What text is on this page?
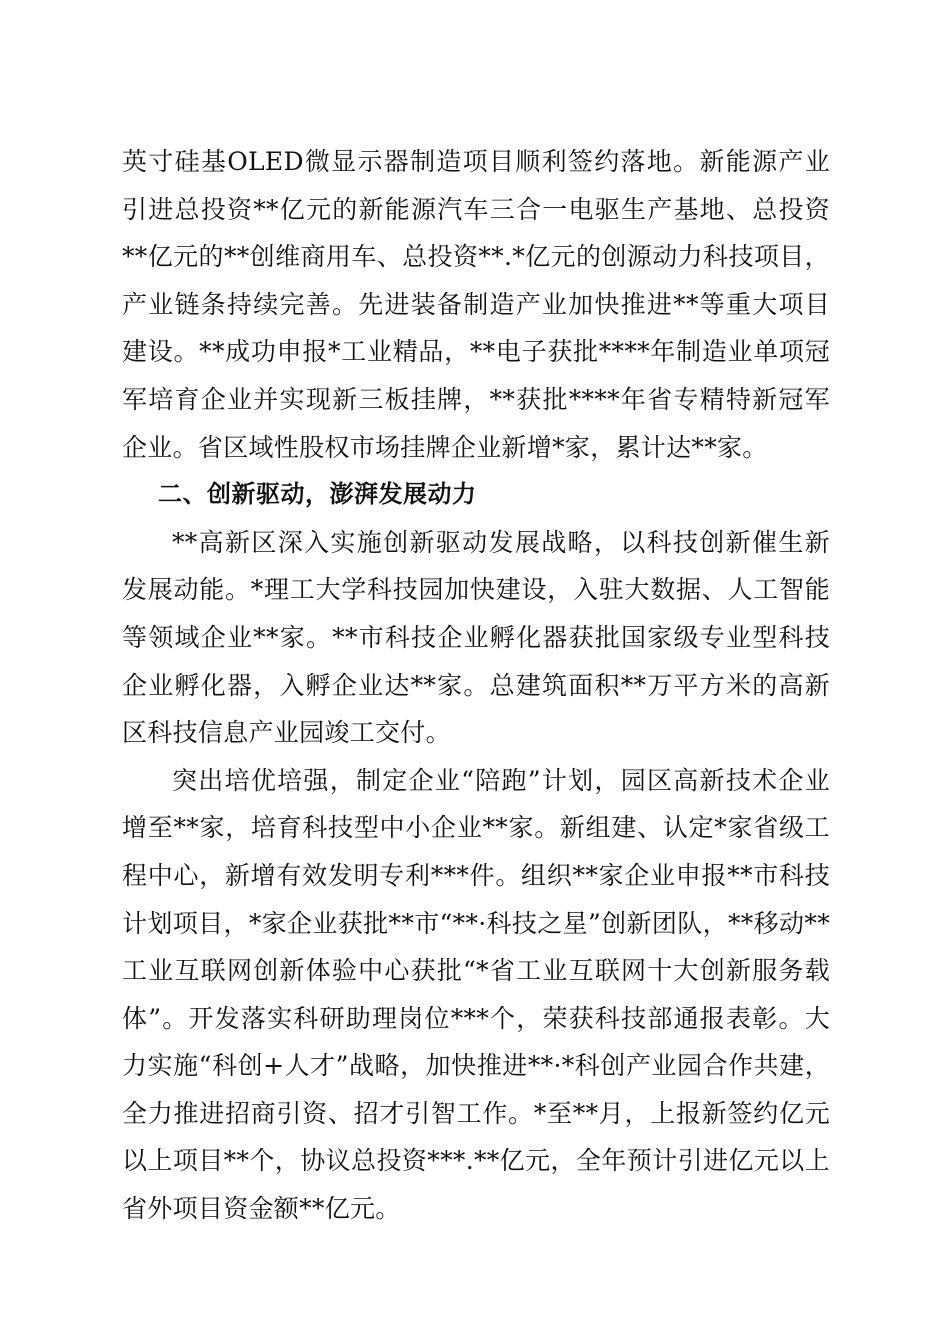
英寸硅基OLED微显示器制造项目顺利签约落地。新能源产业引进总投资**亿元的新能源汽车三合一电驱生产基地、总投资**亿元的**创维商用车、总投资**.*亿元的创源动力科技项目，产业链条持续完善。先进装备制造产业加快推进**等重大项目建设。**成功申报*工业精品，**电子获批****年制造业单项冠军培育企业并实现新三板挂牌，**获批****年省专精特新冠军企业。省区域性股权市场挂牌企业新增*家，累计达**家。

二、创新驱动，澎湃发展动力

**高新区深入实施创新驱动发展战略，以科技创新催生新发展动能。*理工大学科技园加快建设，入驻大数据、人工智能等领域企业**家。**市科技企业孵化器获批国家级专业型科技企业孵化器，入孵企业达**家。总建筑面积**万平方米的高新区科技信息产业园竣工交付。

突出培优培强，制定企业“陪跑”计划，园区高新技术企业增至**家，培育科技型中小企业**家。新组建、认定*家省级工程中心，新增有效发明专利***件。组织**家企业申报**市科技计划项目，*家企业获批**市“**·科技之星”创新团队，**移动**工业互联网创新体验中心获批“*省工业互联网十大创新服务载体”。开发落实科研助理岗位***个，荣获科技部通报表彰。大力实施“科创+人才”战略，加快推进**·*科创产业园合作共建，全力推进招商引资、招才引智工作。*至**月，上报新签约亿元以上项目**个，协议总投资***.**亿元，全年预计引进亿元以上省外项目资金额**亿元。
